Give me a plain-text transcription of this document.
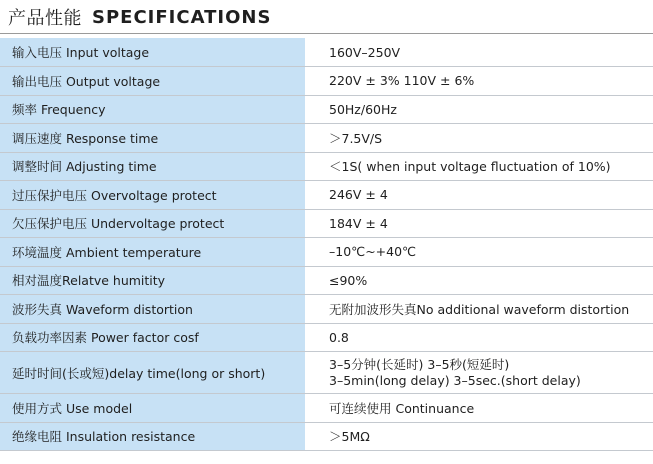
产品性能 SPECIFICATIONS
输入电压 Input voltage	160V–250V
输出电压 Output voltage	220V ± 3% 110V ± 6%
频率 Frequency	50Hz/60Hz
调压速度 Response time	＞7.5V/S
调整时间 Adjusting time	＜1S( when input voltage fluctuation of 10%)
过压保护电压 Overvoltage protect	246V ± 4
欠压保护电压 Undervoltage protect	184V ± 4
环境温度 Ambient temperature	–10℃~+40℃
相对温度Relatve humitity	≤90%
波形失真 Waveform distortion	无附加波形失真No additional waveform distortion
负载功率因素 Power factor cosf	0.8
延时时间(长或短)delay time(long or short)	3–5分钟(长延时) 3–5秒(短延时)
3–5min(long delay) 3–5sec.(short delay)

使用方式 Use model	可连续使用 Continuance
绝缘电阻 Insulation resistance	＞5MΩ
